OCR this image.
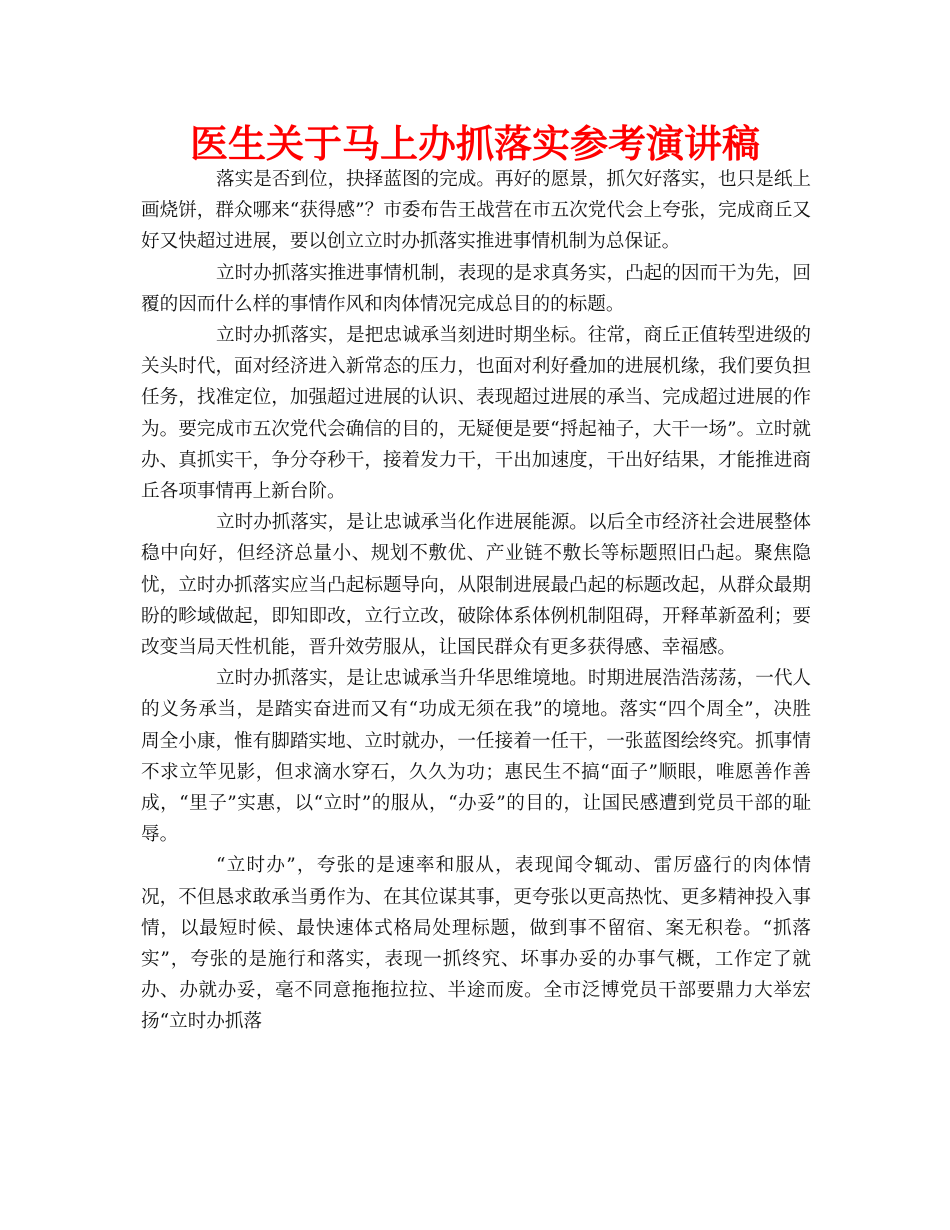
医生关于马上办抓落实参考演讲稿

落实是否到位，抉择蓝图的完成。再好的愿景，抓欠好落实，也只是纸上画烧饼，群众哪来“获得感”？市委布告王战营在市五次党代会上夸张，完成商丘又好又快超过进展，要以创立立时办抓落实推进事情机制为总保证。

立时办抓落实推进事情机制，表现的是求真务实，凸起的因而干为先，回覆的因而什么样的事情作风和肉体情况完成总目的的标题。

立时办抓落实，是把忠诚承当刻进时期坐标。往常，商丘正值转型进级的关头时代，面对经济进入新常态的压力，也面对利好叠加的进展机缘，我们要负担任务，找准定位，加强超过进展的认识、表现超过进展的承当、完成超过进展的作为。要完成市五次党代会确信的目的，无疑便是要“捋起袖子，大干一场”。立时就办、真抓实干，争分夺秒干，接着发力干，干出加速度，干出好结果，才能推进商丘各项事情再上新台阶。

立时办抓落实，是让忠诚承当化作进展能源。以后全市经济社会进展整体稳中向好，但经济总量小、规划不敷优、产业链不敷长等标题照旧凸起。聚焦隐忧，立时办抓落实应当凸起标题导向，从限制进展最凸起的标题改起，从群众最期盼的畛域做起，即知即改，立行立改，破除体系体例机制阻碍，开释革新盈利；要改变当局天性机能，晋升效劳服从，让国民群众有更多获得感、幸福感。

立时办抓落实，是让忠诚承当升华思维境地。时期进展浩浩荡荡，一代人的义务承当，是踏实奋进而又有“功成无须在我”的境地。落实“四个周全”，决胜周全小康，惟有脚踏实地、立时就办，一任接着一任干，一张蓝图绘终究。抓事情不求立竿见影，但求滴水穿石，久久为功；惠民生不搞“面子”顺眼，唯愿善作善成，“里子”实惠，以“立时”的服从，“办妥”的目的，让国民感遭到党员干部的耻辱。

“立时办”，夸张的是速率和服从，表现闻令辄动、雷厉盛行的肉体情况，不但恳求敢承当勇作为、在其位谋其事，更夸张以更高热忱、更多精神投入事情，以最短时候、最快速体式格局处理标题，做到事不留宿、案无积卷。“抓落实”，夸张的是施行和落实，表现一抓终究、坏事办妥的办事气概，工作定了就办、办就办妥，毫不同意拖拖拉拉、半途而废。全市泛博党员干部要鼎力大举宏扬“立时办抓落
